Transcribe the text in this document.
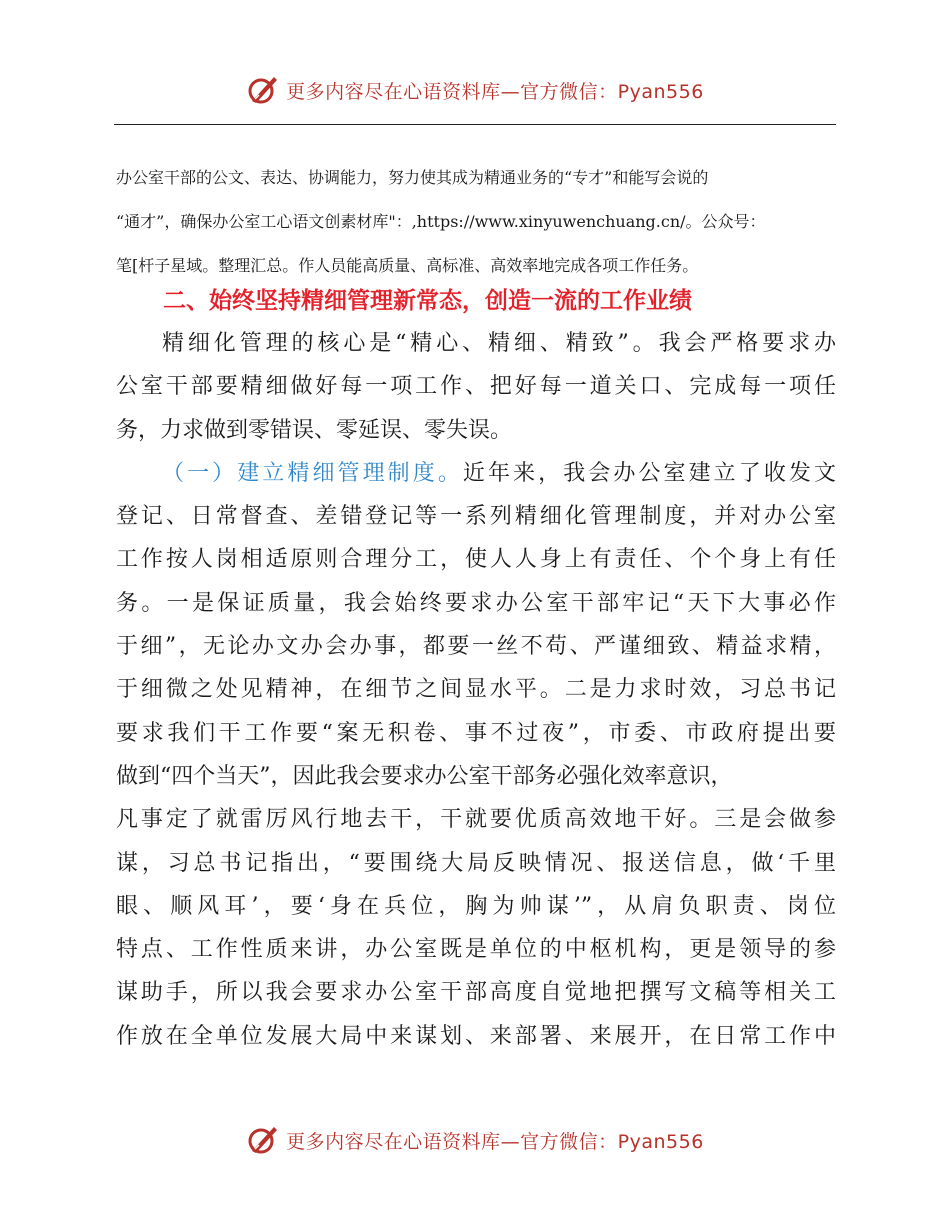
更多内容尽在心语资料库—官方微信：Pyan556
办公室干部的公文、表达、协调能力，努力使其成为精通业务的“专才”和能写会说的
“通才”，确保办公室工心语文创素材库"：,https://www.xinyuwenchuang.cn/。公众号：
笔[杆子星域。整理汇总。作人员能高质量、高标准、高效率地完成各项工作任务。
二、始终坚持精细管理新常态，创造一流的工作业绩
精细化管理的核心是“精心、精细、精致”。我会严格要求办
公室干部要精细做好每一项工作、把好每一道关口、完成每一项任
务，力求做到零错误、零延误、零失误。
（一）建立精细管理制度。近年来，我会办公室建立了收发文
登记、日常督查、差错登记等一系列精细化管理制度，并对办公室
工作按人岗相适原则合理分工，使人人身上有责任、个个身上有任
务。一是保证质量，我会始终要求办公室干部牢记“天下大事必作
于细”，无论办文办会办事，都要一丝不苟、严谨细致、精益求精，
于细微之处见精神，在细节之间显水平。二是力求时效，习总书记
要求我们干工作要“案无积卷、事不过夜”，市委、市政府提出要
做到“四个当天”，因此我会要求办公室干部务必强化效率意识，
凡事定了就雷厉风行地去干，干就要优质高效地干好。三是会做参
谋，习总书记指出，“要围绕大局反映情况、报送信息，做‘千里
眼、顺风耳’，要‘身在兵位，胸为帅谋’”，从肩负职责、岗位
特点、工作性质来讲，办公室既是单位的中枢机构，更是领导的参
谋助手，所以我会要求办公室干部高度自觉地把撰写文稿等相关工
作放在全单位发展大局中来谋划、来部署、来展开，在日常工作中
更多内容尽在心语资料库—官方微信：Pyan556
